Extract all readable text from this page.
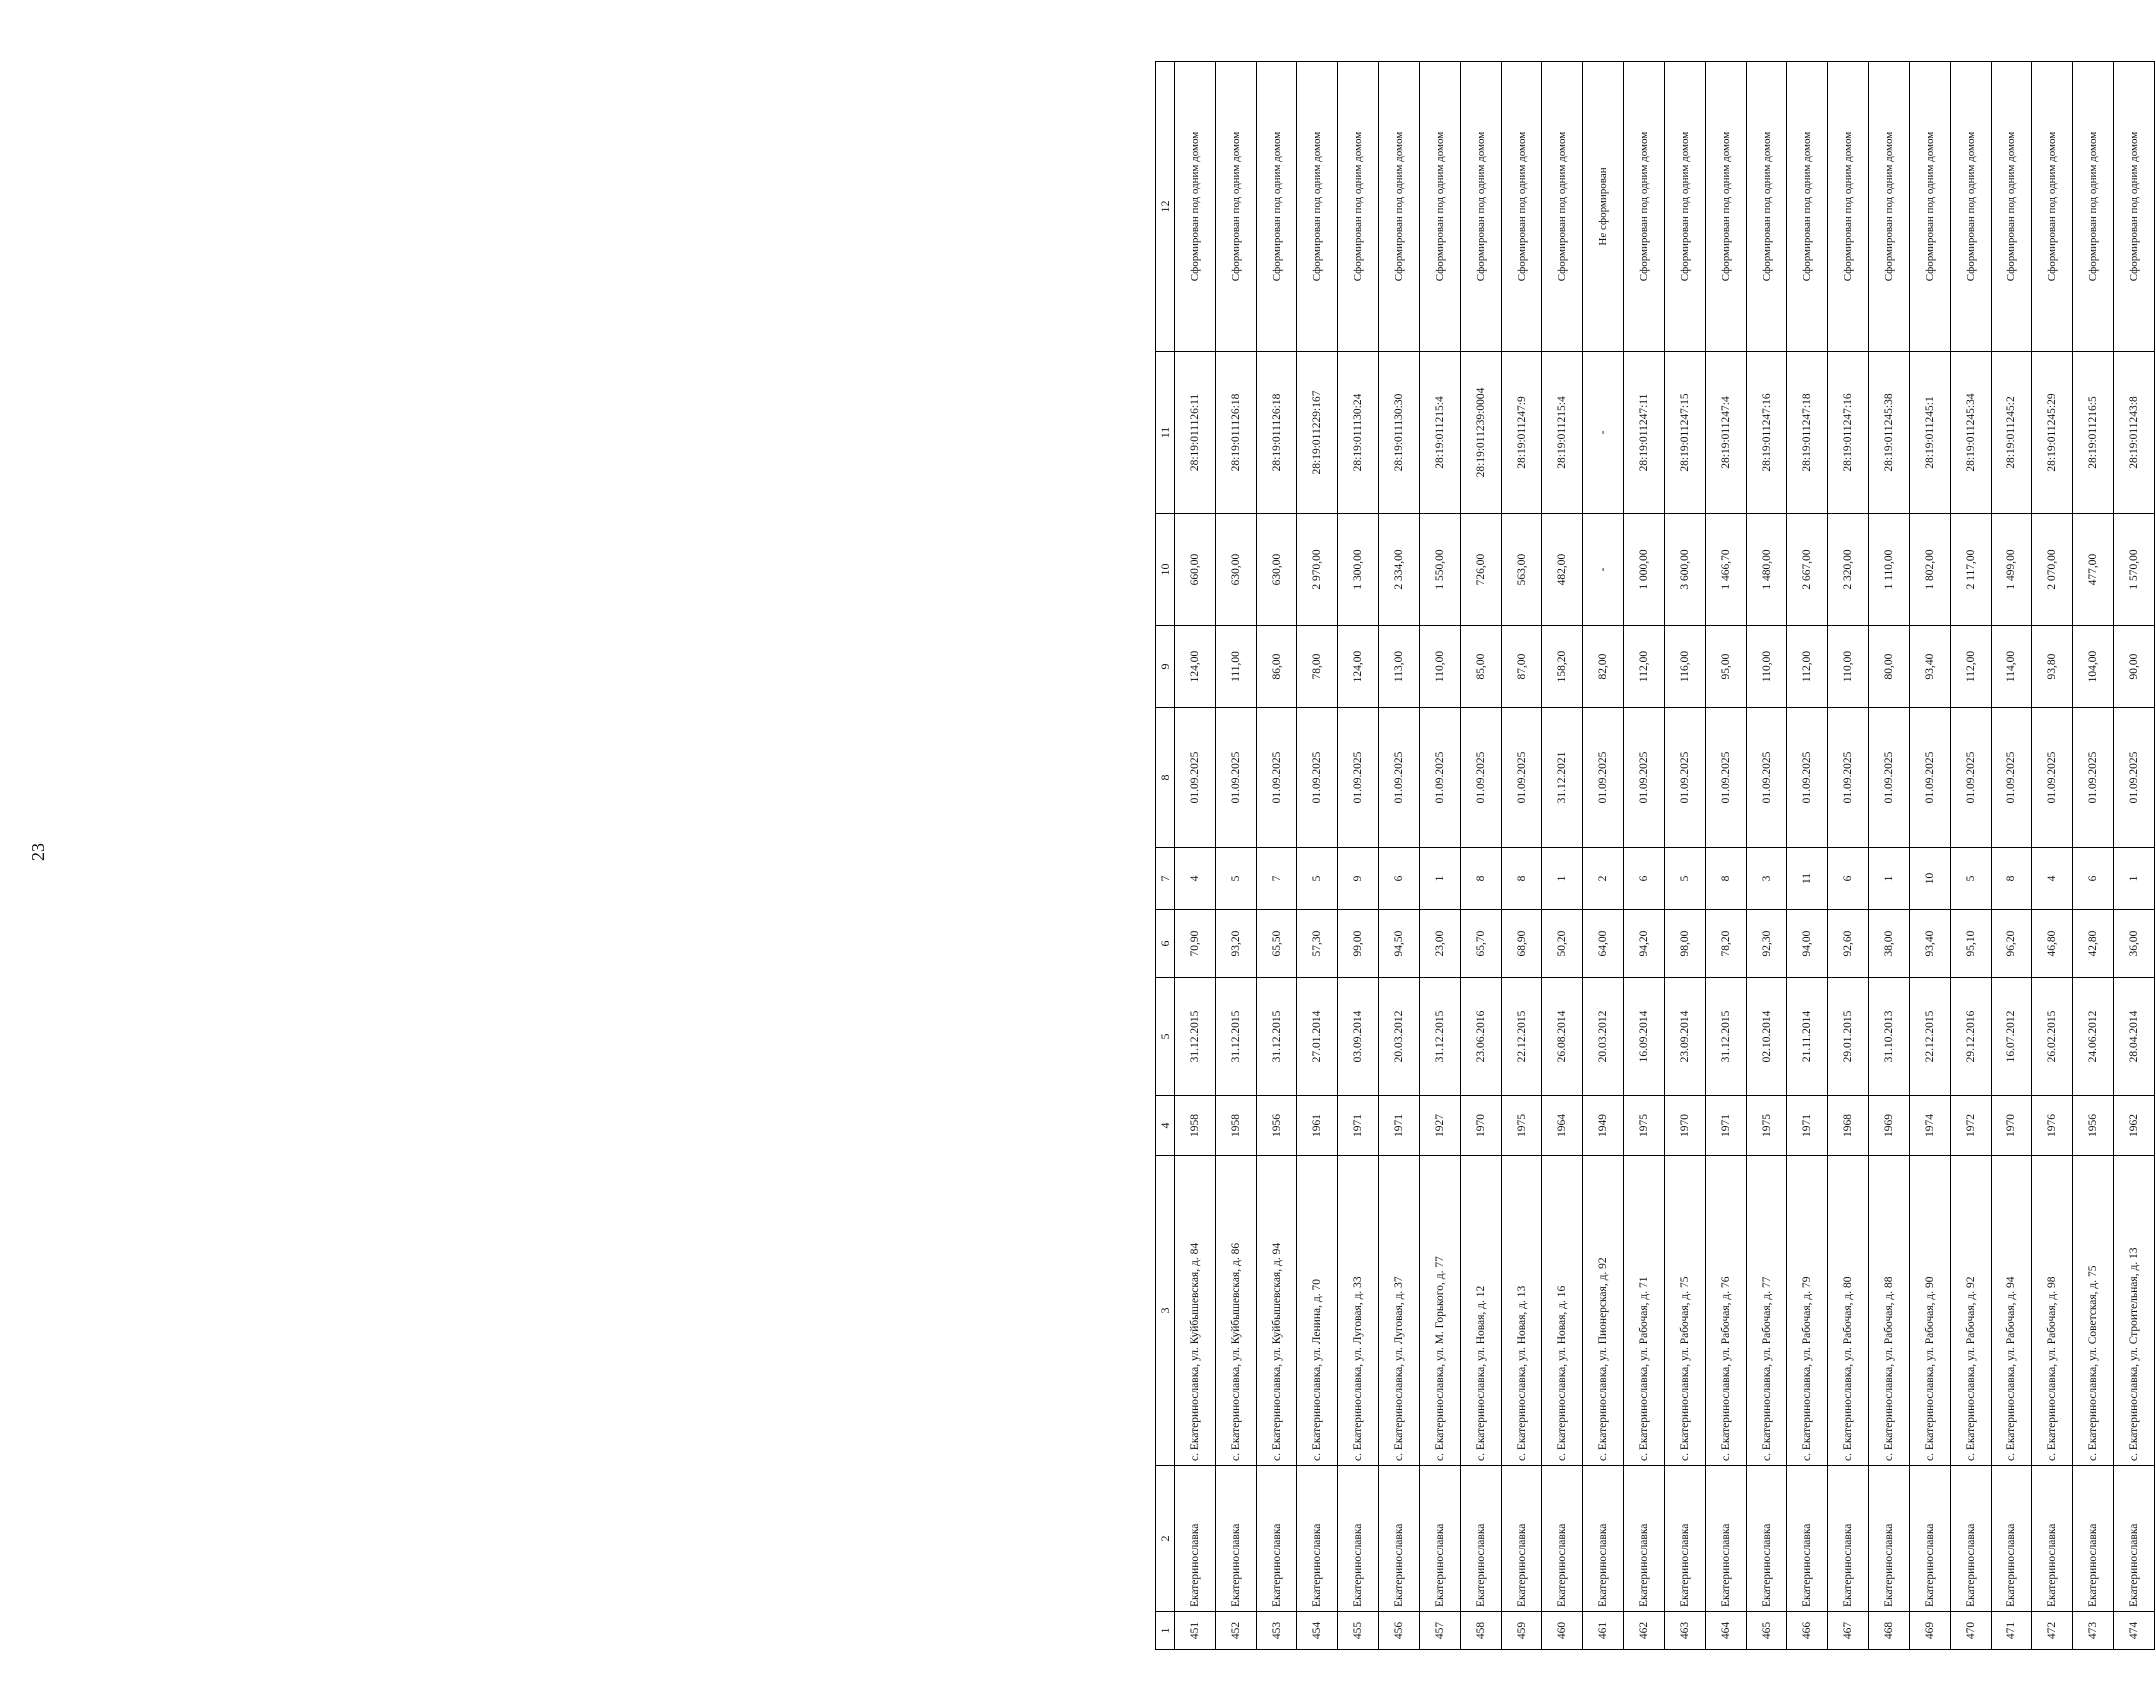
23
1	2	3	4	5	6	7	8	9	10	11	12
451	Екатеринославка	с. Екатеринославка, ул. Куйбышевская, д. 84	1958	31.12.2015	70,90	4	01.09.2025	124,00	660,00	28:19:011126:11	Сформирован под одним домом
452	Екатеринославка	с. Екатеринославка, ул. Куйбышевская, д. 86	1958	31.12.2015	93,20	5	01.09.2025	111,00	630,00	28:19:011126:18	Сформирован под одним домом
453	Екатеринославка	с. Екатеринославка, ул. Куйбышевская, д. 94	1956	31.12.2015	65,50	7	01.09.2025	86,00	630,00	28:19:011126:18	Сформирован под одним домом
454	Екатеринославка	с. Екатеринославка, ул. Ленина, д. 70	1961	27.01.2014	57,30	5	01.09.2025	78,00	2 970,00	28:19:011229:167	Сформирован под одним домом
455	Екатеринославка	с. Екатеринославка, ул. Луговая, д. 33	1971	03.09.2014	99,00	9	01.09.2025	124,00	1 300,00	28:19:011130:24	Сформирован под одним домом
456	Екатеринославка	с. Екатеринославка, ул. Луговая, д. 37	1971	20.03.2012	94,50	6	01.09.2025	113,00	2 334,00	28:19:011130:30	Сформирован под одним домом
457	Екатеринославка	с. Екатеринославка, ул. М. Горького, д. 77	1927	31.12.2015	23,00	1	01.09.2025	110,00	1 550,00	28:19:011215:4	Сформирован под одним домом
458	Екатеринославка	с. Екатеринославка, ул. Новая, д. 12	1970	23.06.2016	65,70	8	01.09.2025	85,00	726,00	28:19:011239:0004	Сформирован под одним домом
459	Екатеринославка	с. Екатеринославка, ул. Новая, д. 13	1975	22.12.2015	68,90	8	01.09.2025	87,00	563,00	28:19:011247:9	Сформирован под одним домом
460	Екатеринославка	с. Екатеринославка, ул. Новая, д. 16	1964	26.08.2014	50,20	1	31.12.2021	158,20	482,00	28:19:011215:4	Сформирован под одним домом
461	Екатеринославка	с. Екатеринославка, ул. Пионерская, д. 92	1949	20.03.2012	64,00	2	01.09.2025	82,00	-	-	Не сформирован
462	Екатеринославка	с. Екатеринославка, ул. Рабочая, д. 71	1975	16.09.2014	94,20	6	01.09.2025	112,00	1 000,00	28:19:011247:11	Сформирован под одним домом
463	Екатеринославка	с. Екатеринославка, ул. Рабочая, д. 75	1970	23.09.2014	98,00	5	01.09.2025	116,00	3 600,00	28:19:011247:15	Сформирован под одним домом
464	Екатеринославка	с. Екатеринославка, ул. Рабочая, д. 76	1971	31.12.2015	78,20	8	01.09.2025	95,00	1 466,70	28:19:011247:4	Сформирован под одним домом
465	Екатеринославка	с. Екатеринославка, ул. Рабочая, д. 77	1975	02.10.2014	92,30	3	01.09.2025	110,00	1 480,00	28:19:011247:16	Сформирован под одним домом
466	Екатеринославка	с. Екатеринославка, ул. Рабочая, д. 79	1971	21.11.2014	94,00	11	01.09.2025	112,00	2 667,00	28:19:011247:18	Сформирован под одним домом
467	Екатеринославка	с. Екатеринославка, ул. Рабочая, д. 80	1968	29.01.2015	92,60	6	01.09.2025	110,00	2 320,00	28:19:011247:16	Сформирован под одним домом
468	Екатеринославка	с. Екатеринославка, ул. Рабочая, д. 88	1969	31.10.2013	38,00	1	01.09.2025	80,00	1 110,00	28:19:011245:38	Сформирован под одним домом
469	Екатеринославка	с. Екатеринославка, ул. Рабочая, д. 90	1974	22.12.2015	93,40	10	01.09.2025	93,40	1 802,00	28:19:011245:1	Сформирован под одним домом
470	Екатеринославка	с. Екатеринославка, ул. Рабочая, д. 92	1972	29.12.2016	95,10	5	01.09.2025	112,00	2 117,00	28:19:011245:34	Сформирован под одним домом
471	Екатеринославка	с. Екатеринославка, ул. Рабочая, д. 94	1970	16.07.2012	96,20	8	01.09.2025	114,00	1 499,00	28:19:011245:2	Сформирован под одним домом
472	Екатеринославка	с. Екатеринославка, ул. Рабочая, д. 98	1976	26.02.2015	46,80	4	01.09.2025	93,80	2 070,00	28:19:011245:29	Сформирован под одним домом
473	Екатеринославка	с. Екатеринославка, ул. Советская, д. 75	1956	24.06.2012	42,80	6	01.09.2025	104,00	477,00	28:19:011216:5	Сформирован под одним домом
474	Екатеринославка	с. Екатеринославка, ул. Строительная, д. 13	1962	28.04.2014	36,00	1	01.09.2025	90,00	1 570,00	28:19:011243:8	Сформирован под одним домом
